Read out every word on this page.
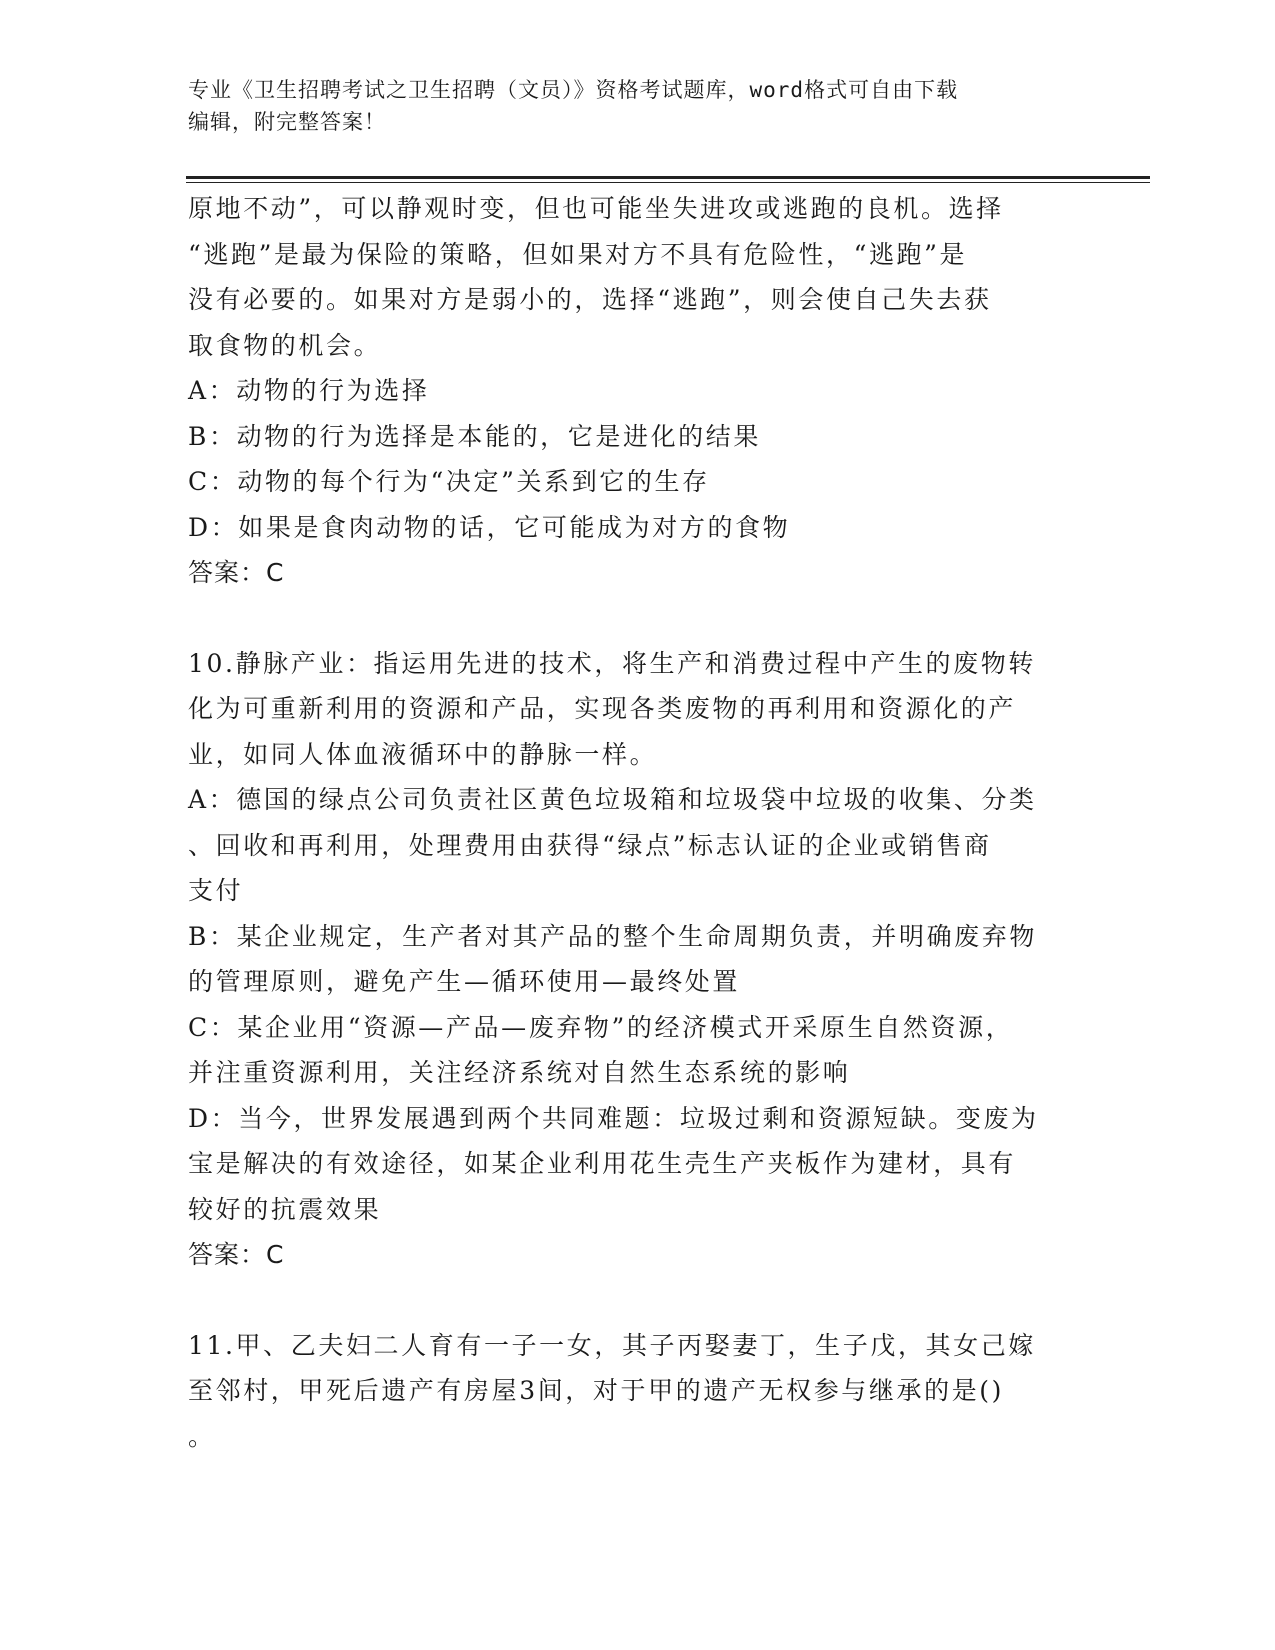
专业《卫生招聘考试之卫生招聘（文员）》资格考试题库，word格式可自由下载
编辑，附完整答案！

原地不动”，可以静观时变，但也可能坐失进攻或逃跑的良机。选择

“逃跑”是最为保险的策略，但如果对方不具有危险性，“逃跑”是

没有必要的。如果对方是弱小的，选择“逃跑”，则会使自己失去获

取食物的机会。

A：动物的行为选择

B：动物的行为选择是本能的，它是进化的结果

C：动物的每个行为“决定”关系到它的生存

D：如果是食肉动物的话，它可能成为对方的食物

答案：C

10.静脉产业：指运用先进的技术，将生产和消费过程中产生的废物转

化为可重新利用的资源和产品，实现各类废物的再利用和资源化的产

业，如同人体血液循环中的静脉一样。

A：德国的绿点公司负责社区黄色垃圾箱和垃圾袋中垃圾的收集、分类

、回收和再利用，处理费用由获得“绿点”标志认证的企业或销售商

支付

B：某企业规定，生产者对其产品的整个生命周期负责，并明确废弃物

的管理原则，避免产生—循环使用—最终处置

C：某企业用“资源—产品—废弃物”的经济模式开采原生自然资源，

并注重资源利用，关注经济系统对自然生态系统的影响

D：当今，世界发展遇到两个共同难题：垃圾过剩和资源短缺。变废为

宝是解决的有效途径，如某企业利用花生壳生产夹板作为建材，具有

较好的抗震效果

答案：C

11.甲、乙夫妇二人育有一子一女，其子丙娶妻丁，生子戊，其女己嫁

至邻村，甲死后遗产有房屋3间，对于甲的遗产无权参与继承的是()

。
